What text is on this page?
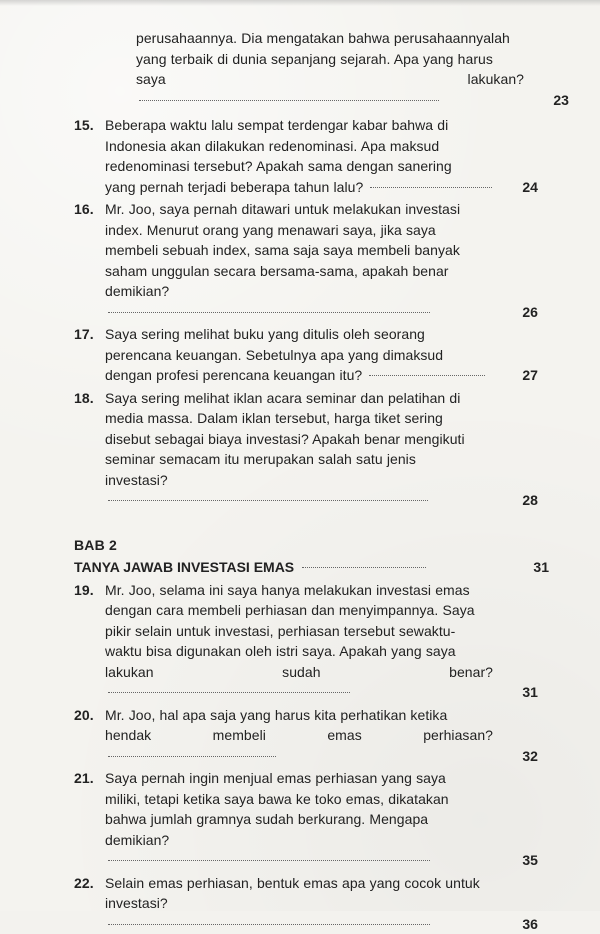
perusahaannya. Dia mengatakan bahwa perusahaannyalah
yang terbaik di dunia sepanjang sejarah. Apa yang harus
saya lakukan?
23
15. Beberapa waktu lalu sempat terdengar kabar bahwa di
Indonesia akan dilakukan redenominasi. Apa maksud
redenominasi tersebut? Apakah sama dengan sanering
yang pernah terjadi beberapa tahun lalu?	24
16. Mr. Joo, saya pernah ditawari untuk melakukan investasi
index. Menurut orang yang menawari saya, jika saya
membeli sebuah index, sama saja saya membeli banyak
saham unggulan secara bersama-sama, apakah benar
demikian?
26
17. Saya sering melihat buku yang ditulis oleh seorang
perencana keuangan. Sebetulnya apa yang dimaksud
dengan profesi perencana keuangan itu?	27
18. Saya sering melihat iklan acara seminar dan pelatihan di
media massa. Dalam iklan tersebut, harga tiket sering
disebut sebagai biaya investasi? Apakah benar mengikuti
seminar semacam itu merupakan salah satu jenis
investasi?
28
BAB 2
TANYA JAWAB INVESTASI EMAS	31
19. Mr. Joo, selama ini saya hanya melakukan investasi emas
dengan cara membeli perhiasan dan menyimpannya. Saya
pikir selain untuk investasi, perhiasan tersebut sewaktu-
waktu bisa digunakan oleh istri saya. Apakah yang saya
lakukan sudah benar?
31
20. Mr. Joo, hal apa saja yang harus kita perhatikan ketika
hendak membeli emas perhiasan?
32
21. Saya pernah ingin menjual emas perhiasan yang saya
miliki, tetapi ketika saya bawa ke toko emas, dikatakan
bahwa jumlah gramnya sudah berkurang. Mengapa
demikian?
35
22. Selain emas perhiasan, bentuk emas apa yang cocok untuk
investasi?
36
